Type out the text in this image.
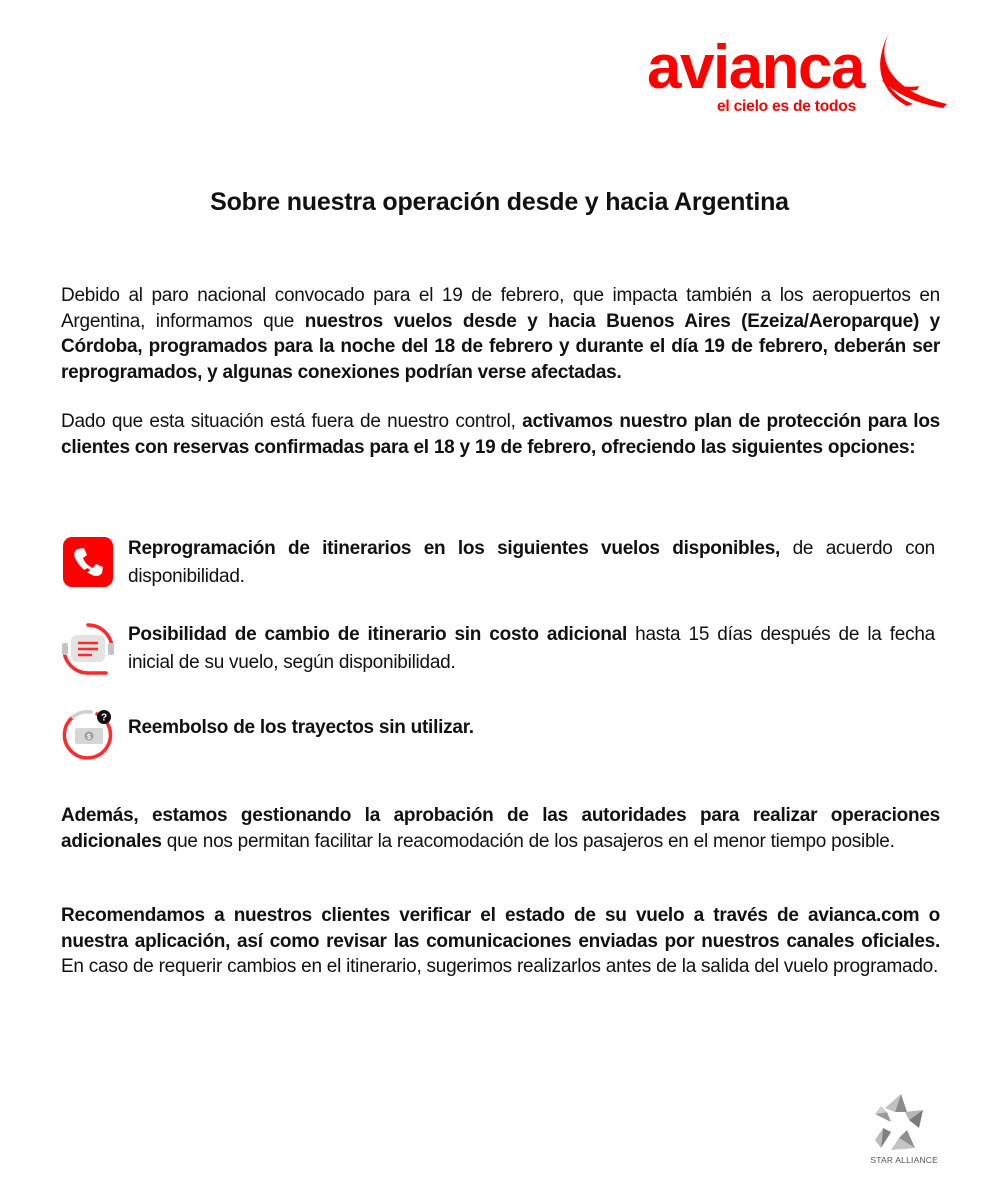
avianca
el cielo es de todos
Sobre nuestra operación desde y hacia Argentina

Debido al paro nacional convocado para el 19 de febrero, que impacta también a los aeropuertos en Argentina, informamos que nuestros vuelos desde y hacia Buenos Aires (Ezeiza/Aeroparque) y Córdoba, programados para la noche del 18 de febrero y durante el día 19 de febrero, deberán ser reprogramados, y algunas conexiones podrían verse afectadas.

Dado que esta situación está fuera de nuestro control, activamos nuestro plan de protección para los clientes con reservas confirmadas para el 18 y 19 de febrero, ofreciendo las siguientes opciones:

Reprogramación de itinerarios en los siguientes vuelos disponibles, de acuerdo con disponibilidad.
Posibilidad de cambio de itinerario sin costo adicional hasta 15 días después de la fecha inicial de su vuelo, según disponibilidad.
$
? Reembolso de los trayectos sin utilizar.

Además, estamos gestionando la aprobación de las autoridades para realizar operaciones adicionales que nos permitan facilitar la reacomodación de los pasajeros en el menor tiempo posible.

Recomendamos a nuestros clientes verificar el estado de su vuelo a través de avianca.com o nuestra aplicación, así como revisar las comunicaciones enviadas por nuestros canales oficiales. En caso de requerir cambios en el itinerario, sugerimos realizarlos antes de la salida del vuelo programado.

STAR ALLIANCE
